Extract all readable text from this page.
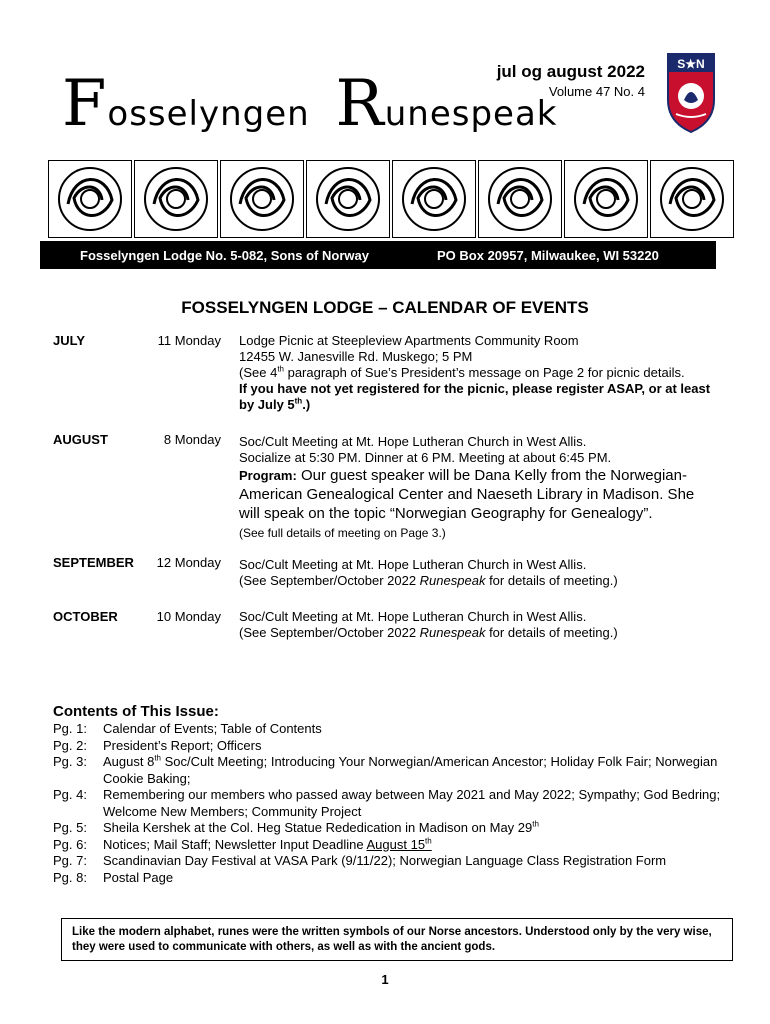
Fosselyngen Runespeak
jul og august 2022
Volume 47 No. 4
S★N
Fosselyngen Lodge No. 5-082, Sons of Norway	PO Box 20957, Milwaukee, WI 53220
FOSSELYNGEN LODGE – CALENDAR OF EVENTS
JULY	11 Monday Lodge Picnic at Steepleview Apartments Community Room
12455 W. Janesville Rd. Muskego; 5 PM
(See 4th paragraph of Sue’s President’s message on Page 2 for picnic details.
If you have not yet registered for the picnic, please register ASAP, or at least by July 5th.)
AUGUST	8 Monday Soc/Cult Meeting at Mt. Hope Lutheran Church in West Allis.
Socialize at 5:30 PM. Dinner at 6 PM. Meeting at about 6:45 PM.
Program: Our guest speaker will be Dana Kelly from the Norwegian-American Genealogical Center and Naeseth Library in Madison. She will speak on the topic “Norwegian Geography for Genealogy”.
(See full details of meeting on Page 3.)
SEPTEMBER 12 Monday Soc/Cult Meeting at Mt. Hope Lutheran Church in West Allis.
(See September/October 2022 Runespeak for details of meeting.)
OCTOBER	10 Monday Soc/Cult Meeting at Mt. Hope Lutheran Church in West Allis.
(See September/October 2022 Runespeak for details of meeting.)
Contents of This Issue:
Pg. 1:	Calendar of Events; Table of Contents
Pg. 2:	President’s Report; Officers
Pg. 3:	August 8th Soc/Cult Meeting; Introducing Your Norwegian/American Ancestor; Holiday Folk Fair; Norwegian Cookie Baking;
Pg. 4:	Remembering our members who passed away between May 2021 and May 2022; Sympathy; God Bedring; Welcome New Members; Community Project
Pg. 5:	Sheila Kershek at the Col. Heg Statue Rededication in Madison on May 29th
Pg. 6:	Notices; Mail Staff; Newsletter Input Deadline August 15th
Pg. 7:	Scandinavian Day Festival at VASA Park (9/11/22); Norwegian Language Class Registration Form
Pg. 8:	Postal Page
Like the modern alphabet, runes were the written symbols of our Norse ancestors. Understood only by the very wise, they were used to communicate with others, as well as with the ancient gods.
1
